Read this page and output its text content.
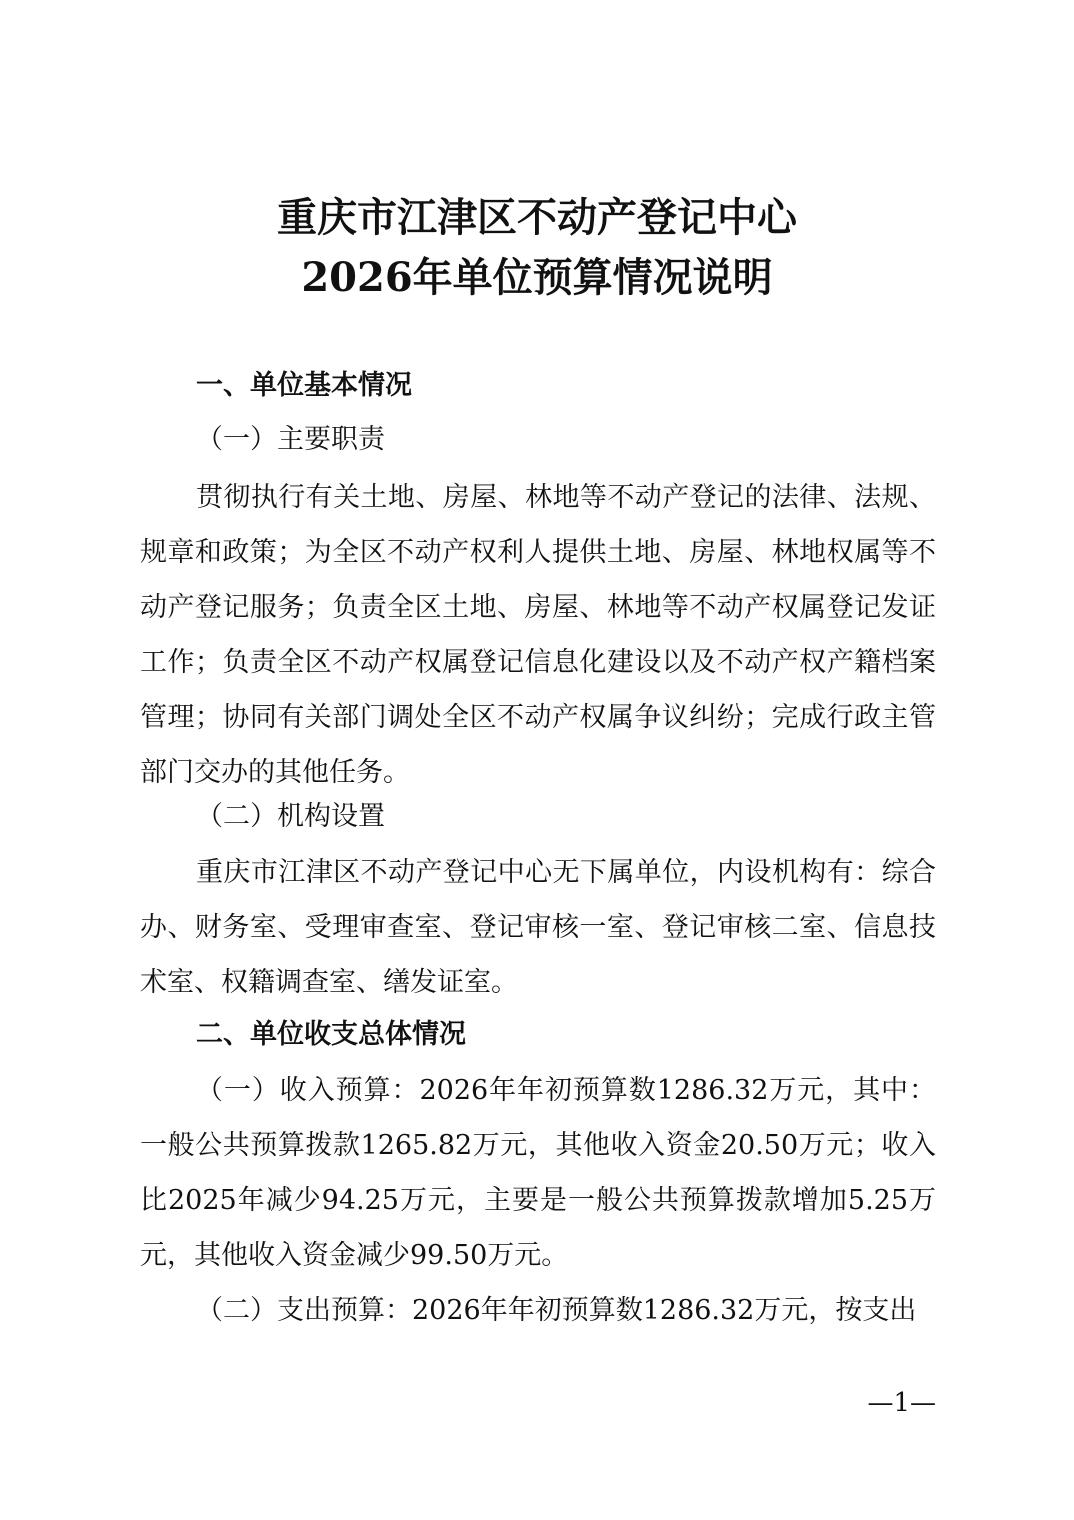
重庆市江津区不动产登记中心
2026年单位预算情况说明
一、单位基本情况
（一）主要职责

贯彻执行有关土地、房屋、林地等不动产登记的法律、法规、规章和政策；为全区不动产权利人提供土地、房屋、林地权属等不动产登记服务；负责全区土地、房屋、林地等不动产权属登记发证工作；负责全区不动产权属登记信息化建设以及不动产权产籍档案管理；协同有关部门调处全区不动产权属争议纠纷；完成行政主管部门交办的其他任务。

（二）机构设置

重庆市江津区不动产登记中心无下属单位，内设机构有：综合办、财务室、受理审查室、登记审核一室、登记审核二室、信息技术室、权籍调查室、缮发证室。

二、单位收支总体情况

（一）收入预算：2026年年初预算数1286.32万元，其中：一般公共预算拨款1265.82万元，其他收入资金20.50万元；收入比2025年减少94.25万元，主要是一般公共预算拨款增加5.25万元，其他收入资金减少99.50万元。

（二）支出预算：2026年年初预算数1286.32万元，按支出

—1—
